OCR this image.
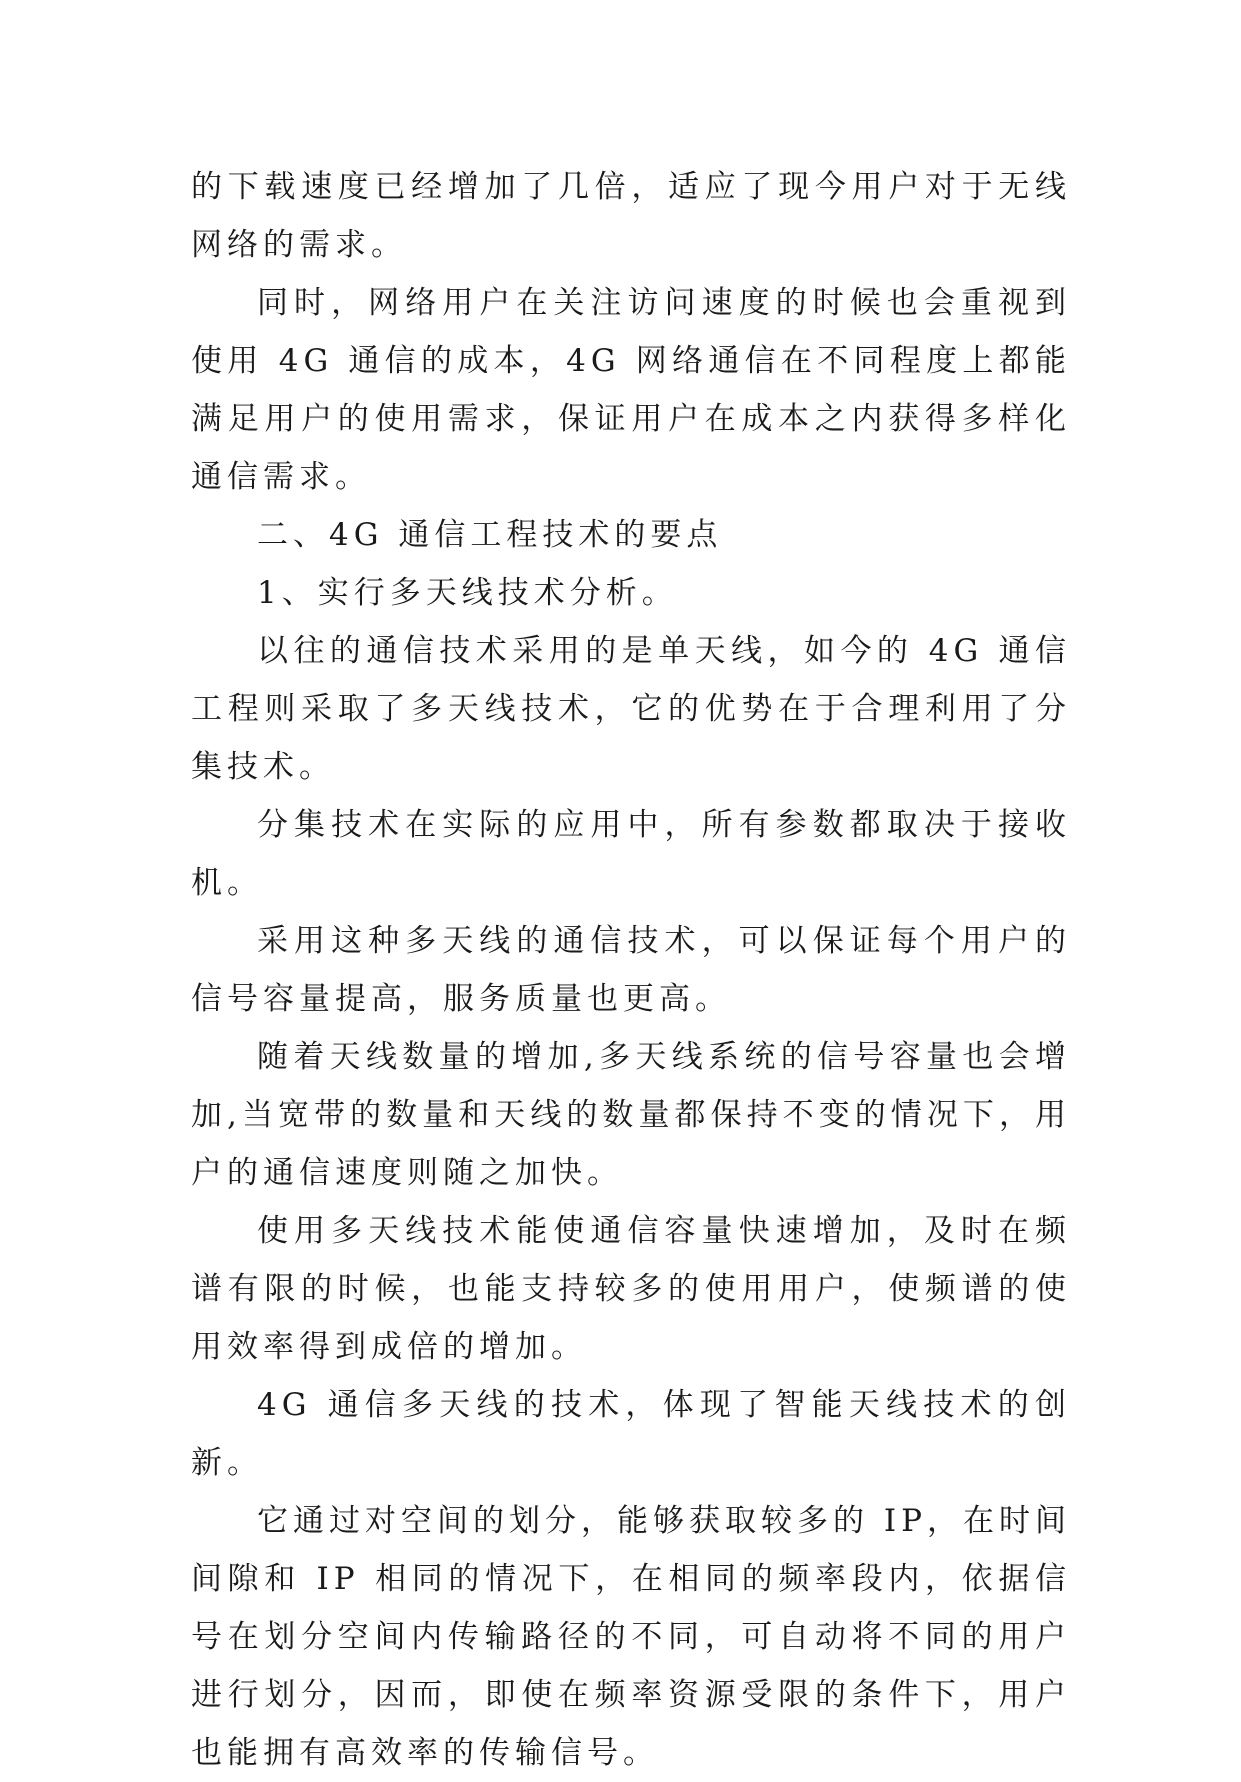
的下载速度已经增加了几倍，适应了现今用户对于无线网络的需求。

同时，网络用户在关注访问速度的时候也会重视到使用 4G 通信的成本，4G 网络通信在不同程度上都能满足用户的使用需求，保证用户在成本之内获得多样化通信需求。

二、4G 通信工程技术的要点

1、实行多天线技术分析。

以往的通信技术采用的是单天线，如今的 4G 通信工程则采取了多天线技术，它的优势在于合理利用了分集技术。

分集技术在实际的应用中，所有参数都取决于接收机。

采用这种多天线的通信技术，可以保证每个用户的信号容量提高，服务质量也更高。

随着天线数量的增加,多天线系统的信号容量也会增加,当宽带的数量和天线的数量都保持不变的情况下，用户的通信速度则随之加快。

使用多天线技术能使通信容量快速增加，及时在频谱有限的时候，也能支持较多的使用用户，使频谱的使用效率得到成倍的增加。

4G 通信多天线的技术，体现了智能天线技术的创新。

它通过对空间的划分，能够获取较多的 IP，在时间间隙和 IP 相同的情况下，在相同的频率段内，依据信号在划分空间内传输路径的不同，可自动将不同的用户进行划分，因而，即使在频率资源受限的条件下，用户也能拥有高效率的传输信号。
